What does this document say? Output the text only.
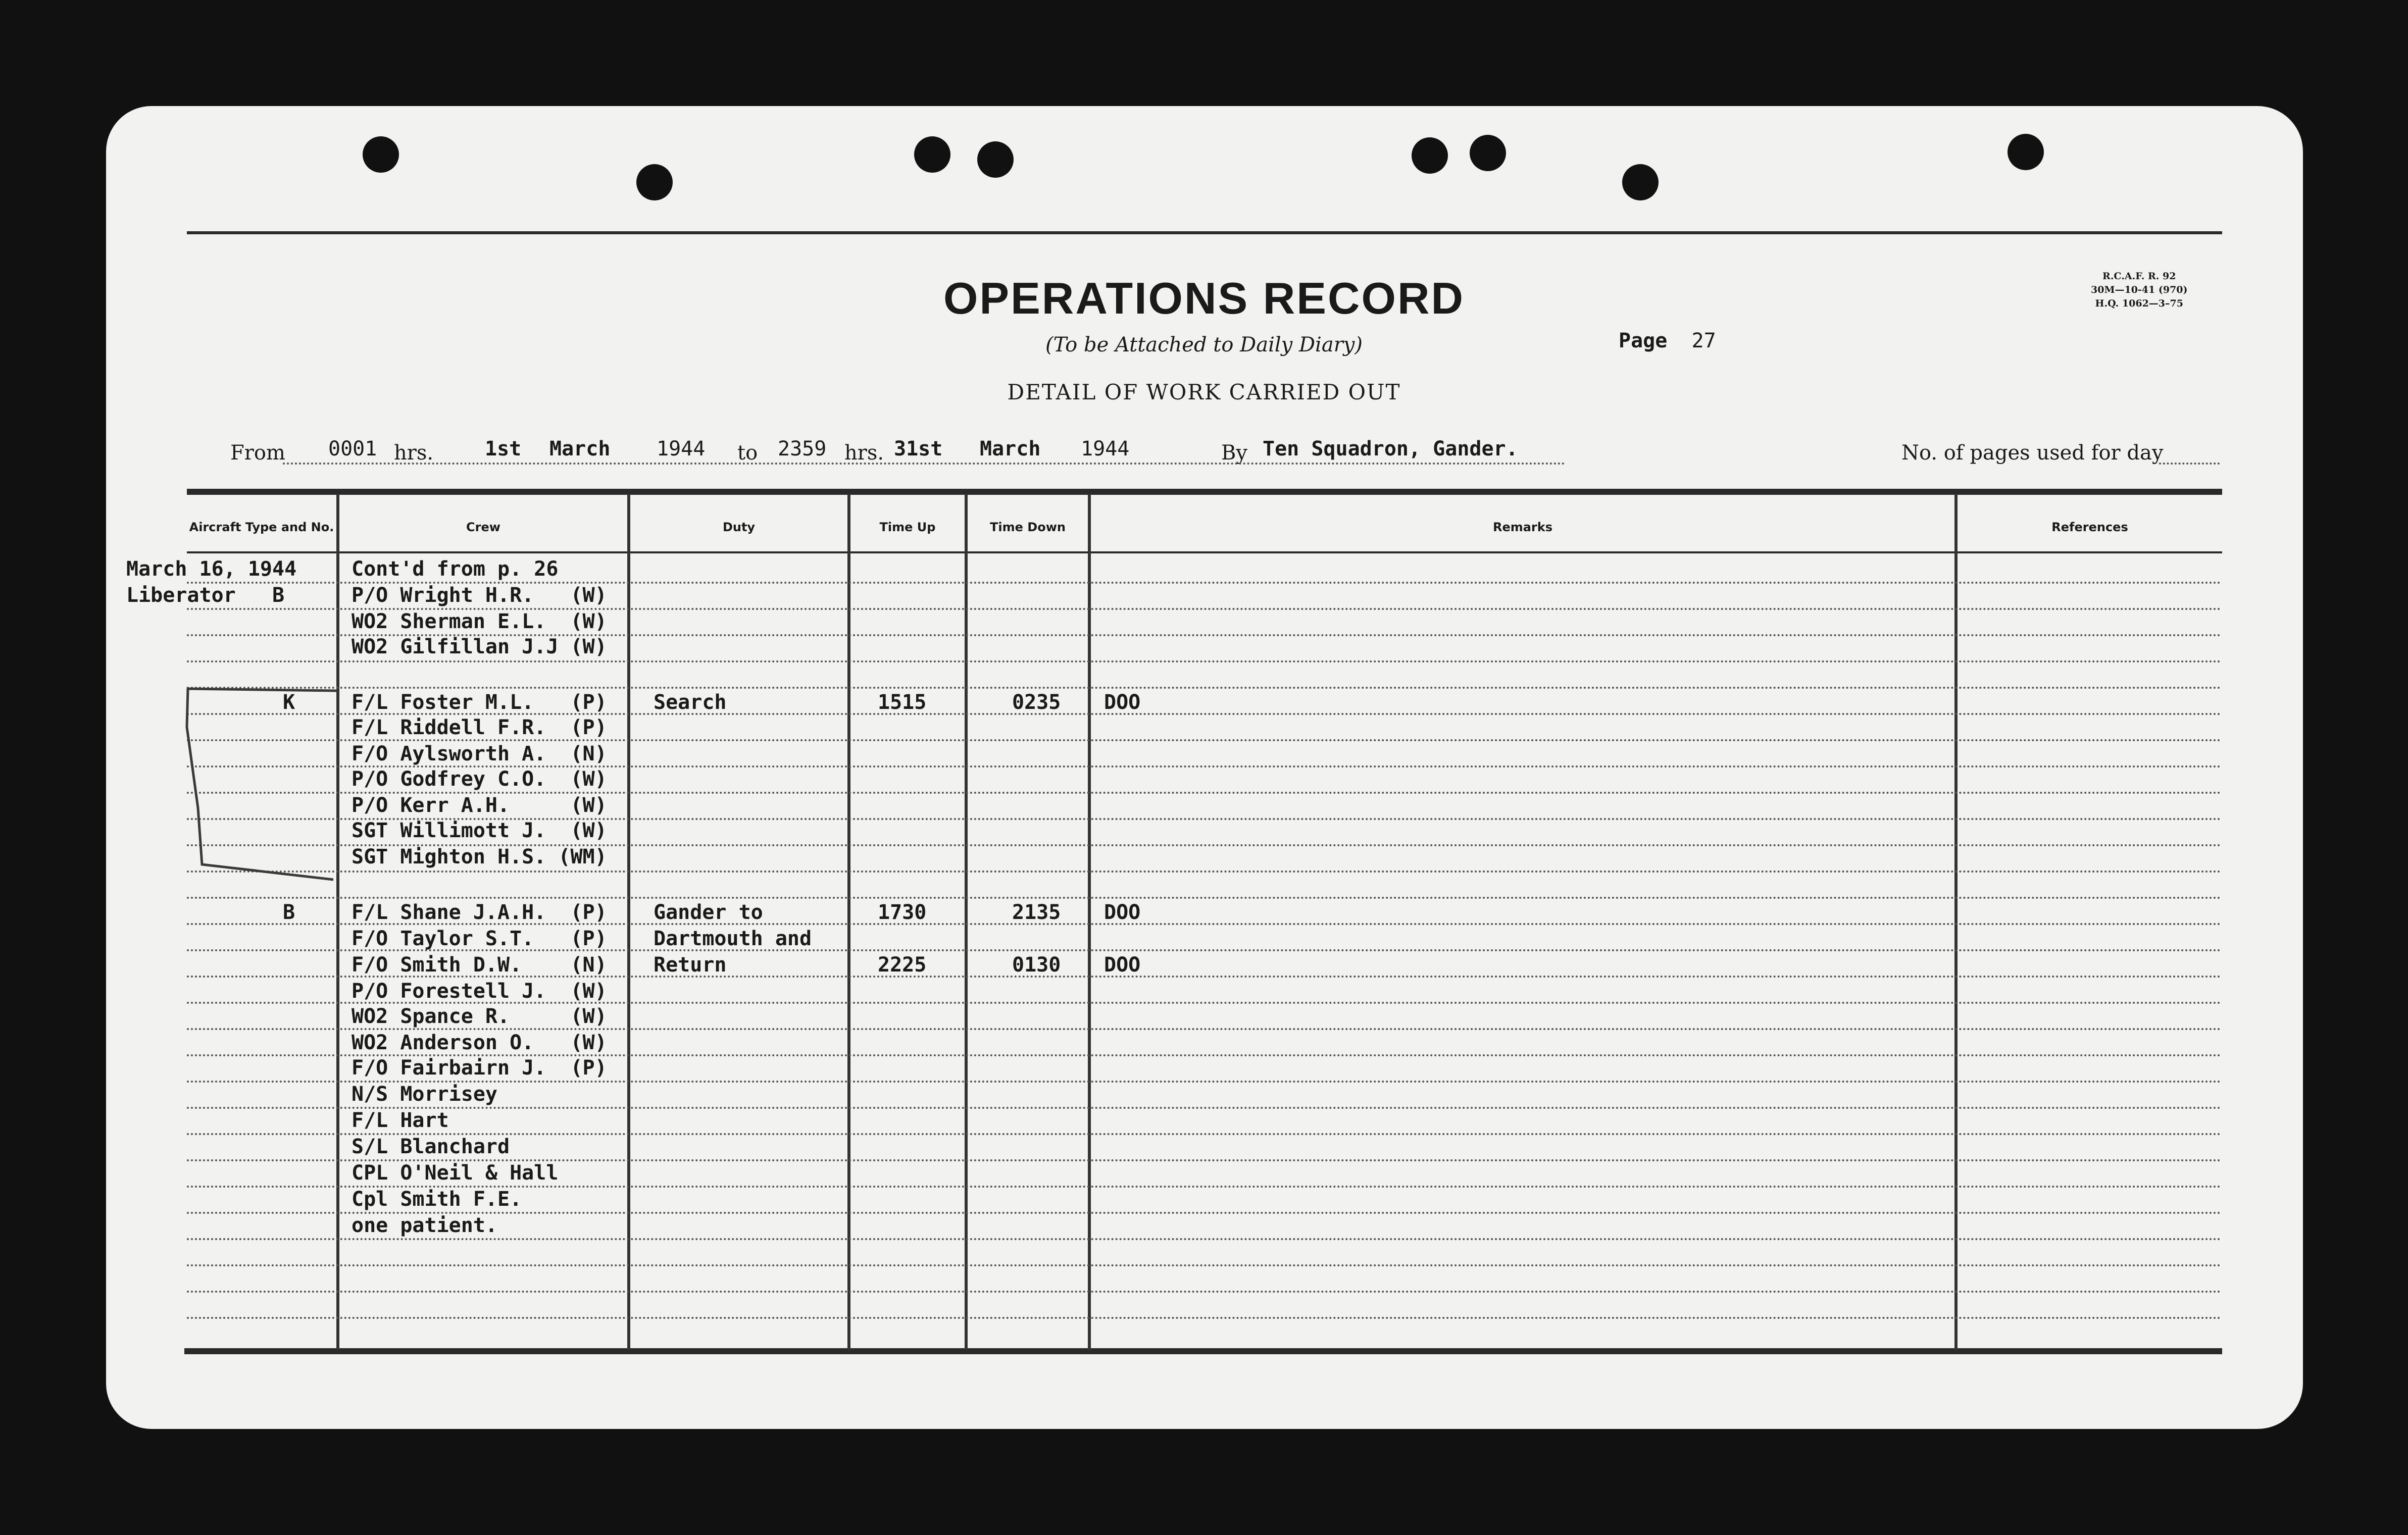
R.C.A.F. R. 92
30M—10-41 (970)
H.Q. 1062—3–75
OPERATIONS RECORD
(To be Attached to Daily Diary)
DETAIL OF WORK CARRIED OUT
Page 27
From 0001 hrs.	1st March 1944 to 2359 hrs. 31st March 1944	By Ten Squadron, Gander.	No. of pages used for day
Aircraft Type and No.	Crew	Duty	Time Up	Time Down	Remarks	References
March 16, 1944	Cont'd from p. 26
Liberator   B	P/O Wright H.R.   (W)
WO2 Sherman E.L.  (W)
WO2 Gilfillan J.J (W)
K	F/L Foster M.L.   (P) Search	1515	0235 DOO
F/L Riddell F.R.  (P)
F/O Aylsworth A.  (N)
P/O Godfrey C.O.  (W)
P/O Kerr A.H.     (W)
SGT Willimott J.  (W)
SGT Mighton H.S. (WM)
B	F/L Shane J.A.H.  (P) Gander to	1730	2135 DOO
F/O Taylor S.T.   (P) Dartmouth and
F/O Smith D.W.    (N) Return	2225	0130 DOO
P/O Forestell J.  (W)
WO2 Spance R.     (W)
WO2 Anderson O.   (W)
F/O Fairbairn J.  (P)
N/S Morrisey
F/L Hart
S/L Blanchard
CPL O'Neil & Hall
Cpl Smith F.E.
one patient.
